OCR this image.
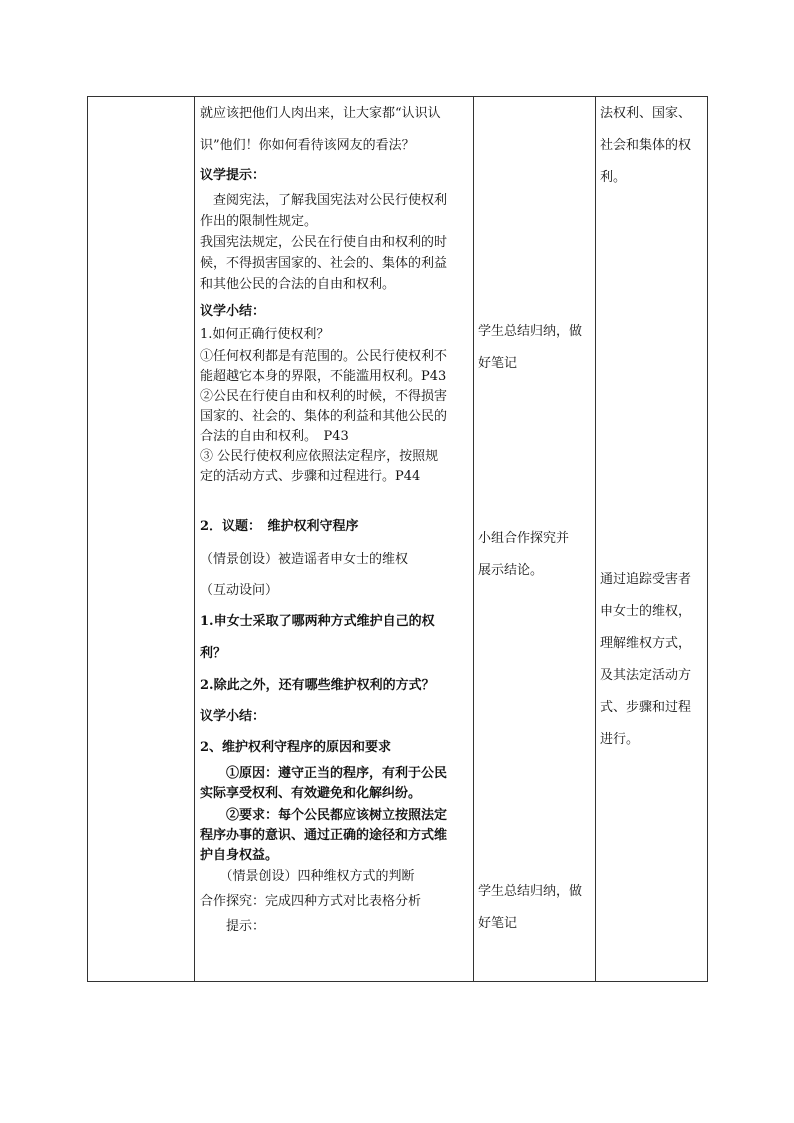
就应该把他们人肉出来，让大家都“认识认
识”他们！你如何看待该网友的看法？
议学提示：
　查阅宪法，了解我国宪法对公民行使权利
作出的限制性规定。
我国宪法规定，公民在行使自由和权利的时
候，不得损害国家的、社会的、集体的利益
和其他公民的合法的自由和权利。
议学小结：
1.如何正确行使权利？
①任何权利都是有范围的。公民行使权利不
能超越它本身的界限，不能滥用权利。P43
②公民在行使自由和权利的时候，不得损害
国家的、社会的、集体的利益和其他公民的
合法的自由和权利。　P43
③ 公民行使权利应依照法定程序，按照规
定的活动方式、步骤和过程进行。P44
2．议题：　维护权利守程序
（情景创设）被造谣者申女士的维权
（互动设问）
1.申女士采取了哪两种方式维护自己的权
利？
2.除此之外，还有哪些维护权利的方式？
议学小结：
2、维护权利守程序的原因和要求
　　①原因：遵守正当的程序，有利于公民
实际享受权利、有效避免和化解纠纷。
　　②要求：每个公民都应该树立按照法定
程序办事的意识、通过正确的途径和方式维
护自身权益。
　　（情景创设）四种维权方式的判断
合作探究：完成四种方式对比表格分析
　　提示：
学生总结归纳，做
好笔记
小组合作探究并
展示结论。
学生总结归纳，做
好笔记
法权利、国家、
社会和集体的权
利。
通过追踪受害者
申女士的维权，
理解维权方式，
及其法定活动方
式、步骤和过程
进行。
